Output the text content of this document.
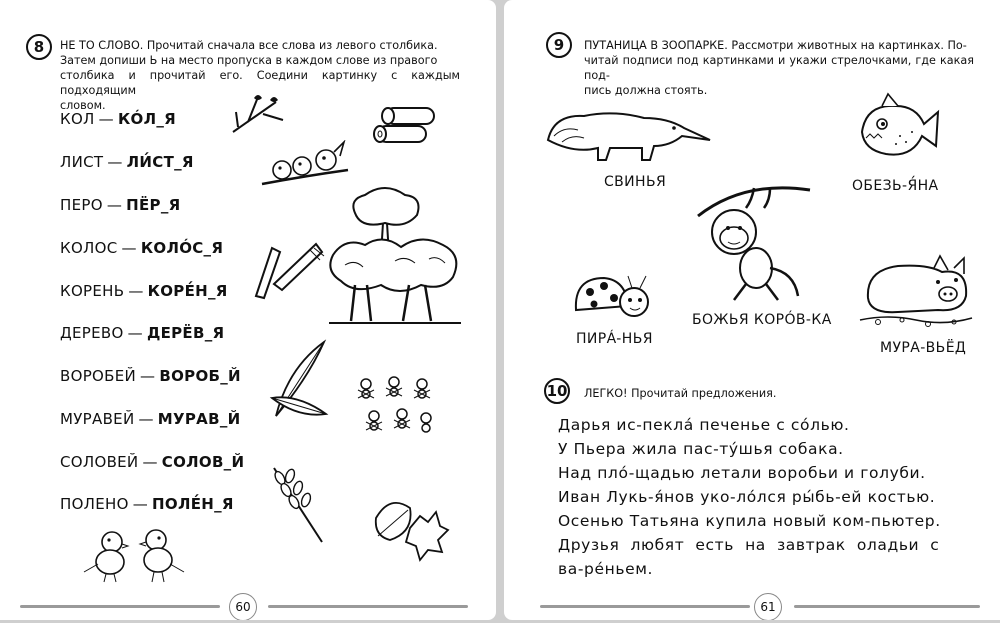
8	НЕ ТО СЛОВО. Прочитай сначала все слова из левого столбика.
Затем допиши Ь на место пропуска в каждом слове из правого
столбика и прочитай его. Соедини картинку с каждым подходящим
словом.
КОЛ — КÓЛ_Я
ЛИСТ — ЛИ́СТ_Я
ПЕРО — ПЁР_Я
КОЛОС — КОЛÓС_Я
КОРЕНЬ — КОРЕ́Н_Я
ДЕРЕВО — ДЕРЁВ_Я
ВОРОБЕЙ — ВОРОБ_Й
МУРАВЕЙ — МУРАВ_Й
СОЛОВЕЙ — СОЛОВ_Й
ПОЛЕНО — ПОЛЕ́Н_Я
60
9	ПУТАНИЦА В ЗООПАРКЕ. Рассмотри животных на картинках. По-
читай подписи под картинками и укажи стрелочками, где какая под-
пись должна стоять.
СВИНЬЯ	ОБЕЗЬ-Я́НА
БОЖЬЯ КОРÓВ-КА
ПИРÁ-НЬЯ
МУРА-ВЬЁД
10 ЛЕГКО! Прочитай предложения.
Дарья ис-пеклá печенье с сóлью.
У Пьера жила пас-тýшья собака.
Над плó-щадью летали воробьи и голуби.
Иван Лукь-я́нов уко-лóлся ры́бь-ей костью.
Осенью Татьяна купила новый ком-пьютер.
Друзья  любят  есть  на  завтрак  оладьи  с
ва-рéньем.
61
